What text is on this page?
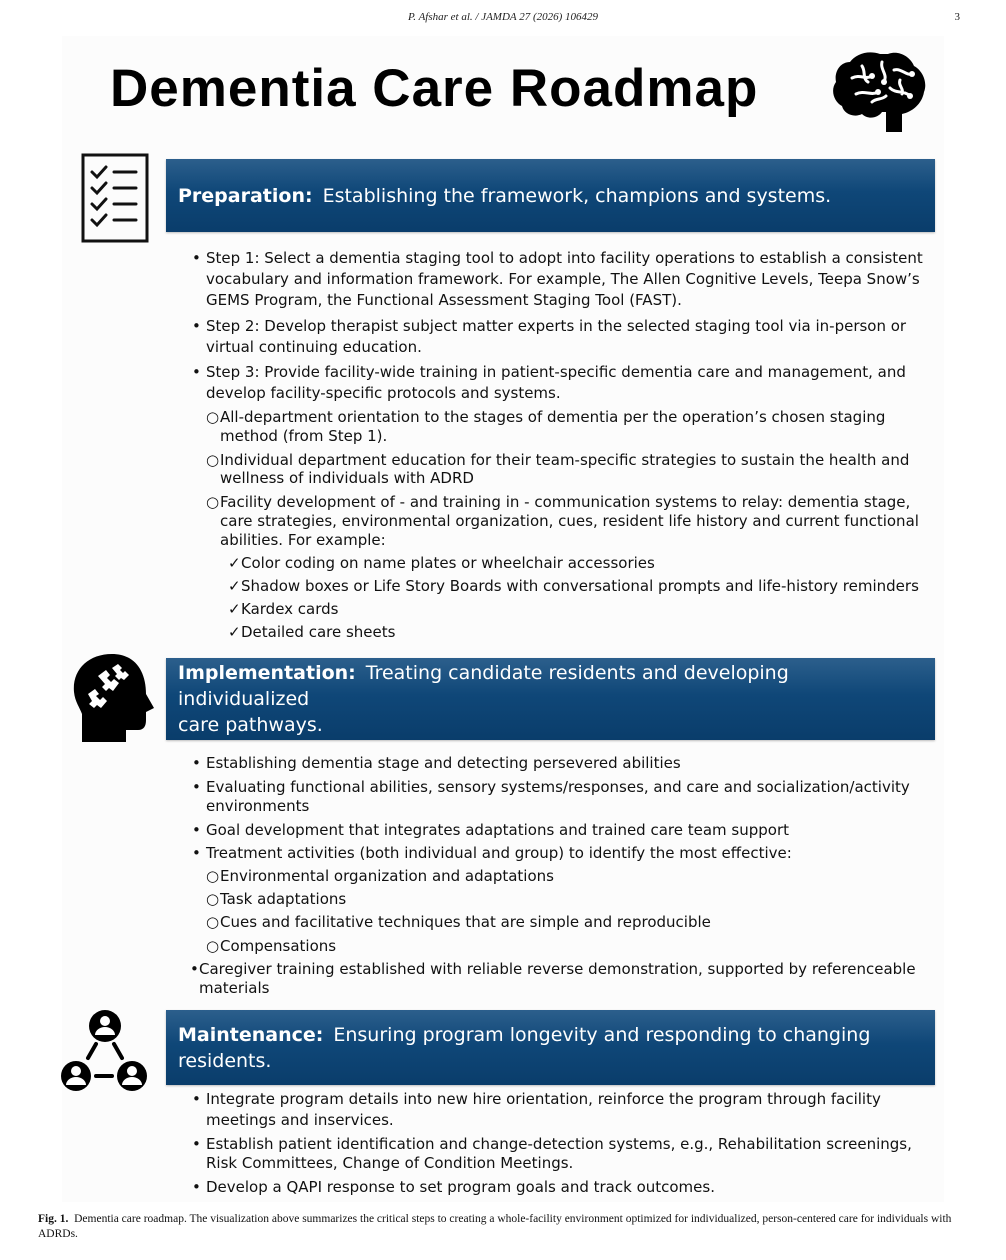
P. Afshar et al. / JAMDA 27 (2026) 106429	3
Dementia Care Roadmap
Preparation: Establishing the framework, champions and systems.
• Step 1: Select a dementia staging tool to adopt into facility operations to establish a consistent
vocabulary and information framework. For example, The Allen Cognitive Levels, Teepa Snow’s
GEMS Program, the Functional Assessment Staging Tool (FAST).
• Step 2: Develop therapist subject matter experts in the selected staging tool via in-person or
virtual continuing education.
• Step 3: Provide facility-wide training in patient-specific dementia care and management, and
develop facility-specific protocols and systems.
○ All-department orientation to the stages of dementia per the operation’s chosen staging
method (from Step 1).
○ Individual department education for their team-specific strategies to sustain the health and
wellness of individuals with ADRD
○ Facility development of - and training in - communication systems to relay: dementia stage,
care strategies, environmental organization, cues, resident life history and current functional
abilities. For example:
✓ Color coding on name plates or wheelchair accessories
✓ Shadow boxes or Life Story Boards with conversational prompts and life-history reminders
✓ Kardex cards
✓ Detailed care sheets
Implementation: Treating candidate residents and developing individualized
care pathways.
• Establishing dementia stage and detecting persevered abilities
• Evaluating functional abilities, sensory systems/responses, and care and socialization/activity
environments
• Goal development that integrates adaptations and trained care team support
• Treatment activities (both individual and group) to identify the most effective:
○ Environmental organization and adaptations
○ Task adaptations
○ Cues and facilitative techniques that are simple and reproducible
○ Compensations
• Caregiver training established with reliable reverse demonstration, supported by referenceable
materials
Maintenance: Ensuring program longevity and responding to changing
residents.
• Integrate program details into new hire orientation, reinforce the program through facility
meetings and inservices.
• Establish patient identification and change-detection systems, e.g., Rehabilitation screenings,
Risk Committees, Change of Condition Meetings.
• Develop a QAPI response to set program goals and track outcomes.
Fig. 1. Dementia care roadmap. The visualization above summarizes the critical steps to creating a whole-facility environment optimized for individualized, person-centered care for individuals with ADRDs.
